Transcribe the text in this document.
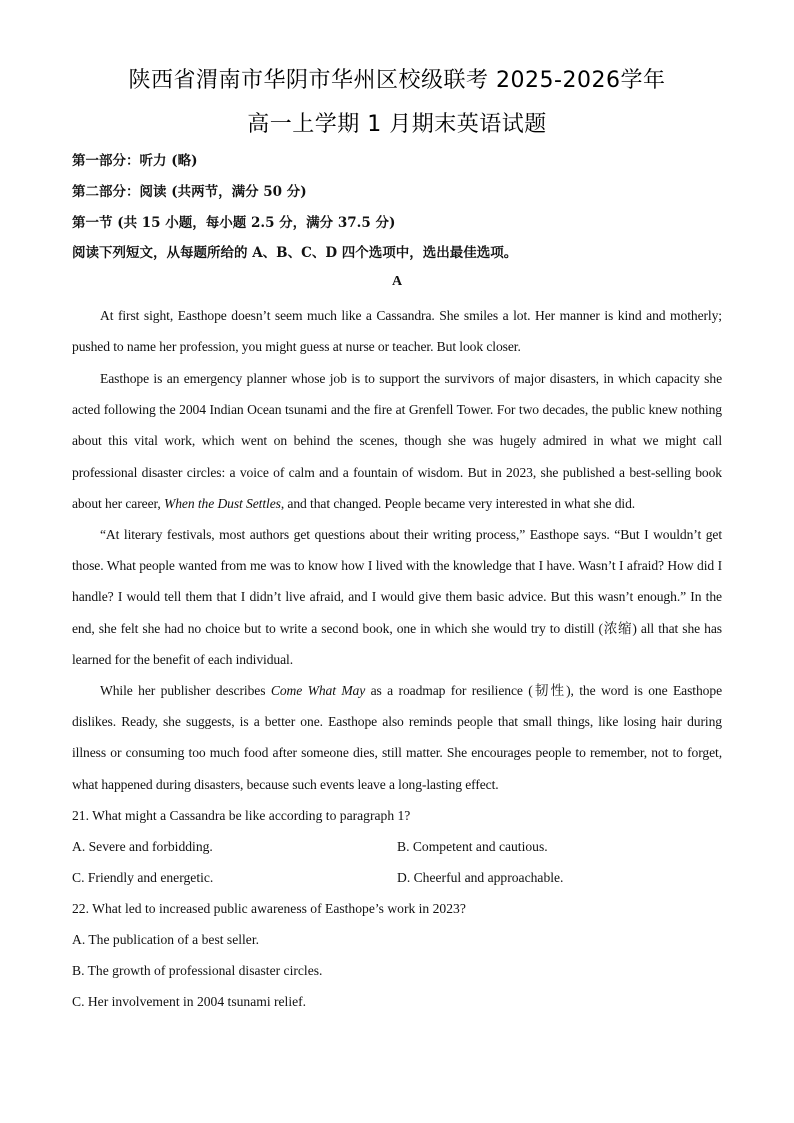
陕西省渭南市华阴市华州区校级联考 2025-2026学年
高一上学期 1 月期末英语试题
第一部分：听力 (略)
第二部分：阅读 (共两节，满分 50 分)
第一节 (共 15 小题，每小题 2.5 分，满分 37.5 分)
阅读下列短文，从每题所给的 A、B、C、D 四个选项中，选出最佳选项。
A

At first sight, Easthope doesn’t seem much like a Cassandra. She smiles a lot. Her manner is kind and motherly; pushed to name her profession, you might guess at nurse or teacher. But look closer.

Easthope is an emergency planner whose job is to support the survivors of major disasters, in which capacity she acted following the 2004 Indian Ocean tsunami and the fire at Grenfell Tower. For two decades, the public knew nothing about this vital work, which went on behind the scenes, though she was hugely admired in what we might call professional disaster circles: a voice of calm and a fountain of wisdom. But in 2023, she published a best-selling book about her career, When the Dust Settles, and that changed. People became very interested in what she did.

“At literary festivals, most authors get questions about their writing process,” Easthope says. “But I wouldn’t get those. What people wanted from me was to know how I lived with the knowledge that I have. Wasn’t I afraid? How did I handle? I would tell them that I didn’t live afraid, and I would give them basic advice. But this wasn’t enough.” In the end, she felt she had no choice but to write a second book, one in which she would try to distill (浓缩) all that she has learned for the benefit of each individual.

While her publisher describes Come What May as a roadmap for resilience (韧性), the word is one Easthope dislikes. Ready, she suggests, is a better one. Easthope also reminds people that small things, like losing hair during illness or consuming too much food after someone dies, still matter. She encourages people to remember, not to forget, what happened during disasters, because such events leave a long-lasting effect.

21. What might a Cassandra be like according to paragraph 1?
A. Severe and forbidding.	B. Competent and cautious.
C. Friendly and energetic.	D. Cheerful and approachable.
22. What led to increased public awareness of Easthope’s work in 2023?
A. The publication of a best seller.
B. The growth of professional disaster circles.
C. Her involvement in 2004 tsunami relief.
